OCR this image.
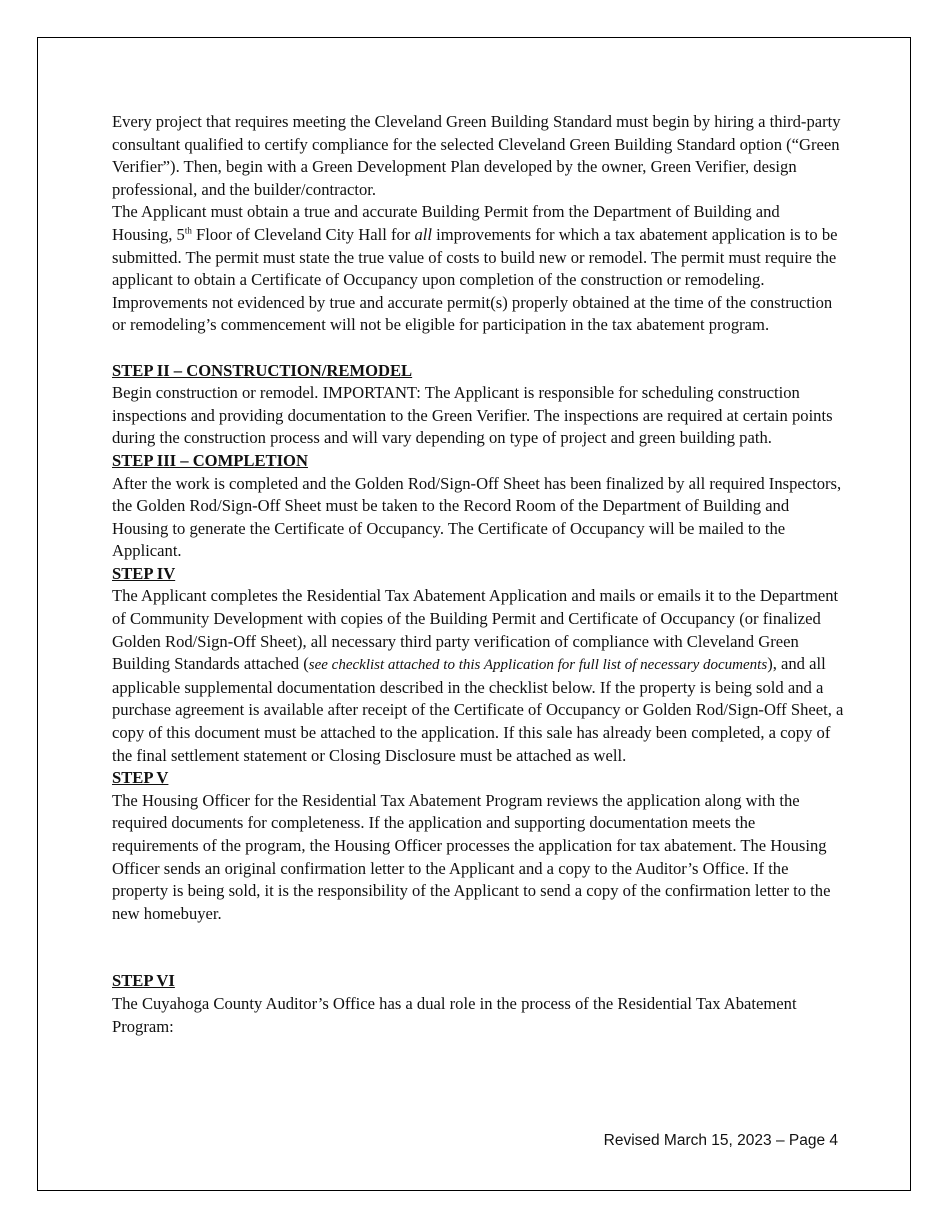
Every project that requires meeting the Cleveland Green Building Standard must begin by hiring a third-party consultant qualified to certify compliance for the selected Cleveland Green Building Standard option (“Green Verifier”). Then, begin with a Green Development Plan developed by the owner, Green Verifier, design professional, and the builder/contractor.

The Applicant must obtain a true and accurate Building Permit from the Department of Building and Housing, 5th Floor of Cleveland City Hall for all improvements for which a tax abatement application is to be submitted. The permit must state the true value of costs to build new or remodel. The permit must require the applicant to obtain a Certificate of Occupancy upon completion of the construction or remodeling. Improvements not evidenced by true and accurate permit(s) properly obtained at the time of the construction or remodeling’s commencement will not be eligible for participation in the tax abatement program.

STEP II – CONSTRUCTION/REMODEL

Begin construction or remodel. IMPORTANT: The Applicant is responsible for scheduling construction inspections and providing documentation to the Green Verifier. The inspections are required at certain points during the construction process and will vary depending on type of project and green building path.

STEP III – COMPLETION

After the work is completed and the Golden Rod/Sign-Off Sheet has been finalized by all required Inspectors, the Golden Rod/Sign-Off Sheet must be taken to the Record Room of the Department of Building and Housing to generate the Certificate of Occupancy. The Certificate of Occupancy will be mailed to the Applicant.

STEP IV

The Applicant completes the Residential Tax Abatement Application and mails or emails it to the Department of Community Development with copies of the Building Permit and Certificate of Occupancy (or finalized Golden Rod/Sign-Off Sheet), all necessary third party verification of compliance with Cleveland Green Building Standards attached (see checklist attached to this Application for full list of necessary documents), and all applicable supplemental documentation described in the checklist below. If the property is being sold and a purchase agreement is available after receipt of the Certificate of Occupancy or Golden Rod/Sign-Off Sheet, a copy of this document must be attached to the application. If this sale has already been completed, a copy of the final settlement statement or Closing Disclosure must be attached as well.

STEP V

The Housing Officer for the Residential Tax Abatement Program reviews the application along with the required documents for completeness. If the application and supporting documentation meets the requirements of the program, the Housing Officer processes the application for tax abatement. The Housing Officer sends an original confirmation letter to the Applicant and a copy to the Auditor’s Office. If the property is being sold, it is the responsibility of the Applicant to send a copy of the confirmation letter to the new homebuyer.

STEP VI

The Cuyahoga County Auditor’s Office has a dual role in the process of the Residential Tax Abatement Program:

Revised March 15, 2023 – Page 4
